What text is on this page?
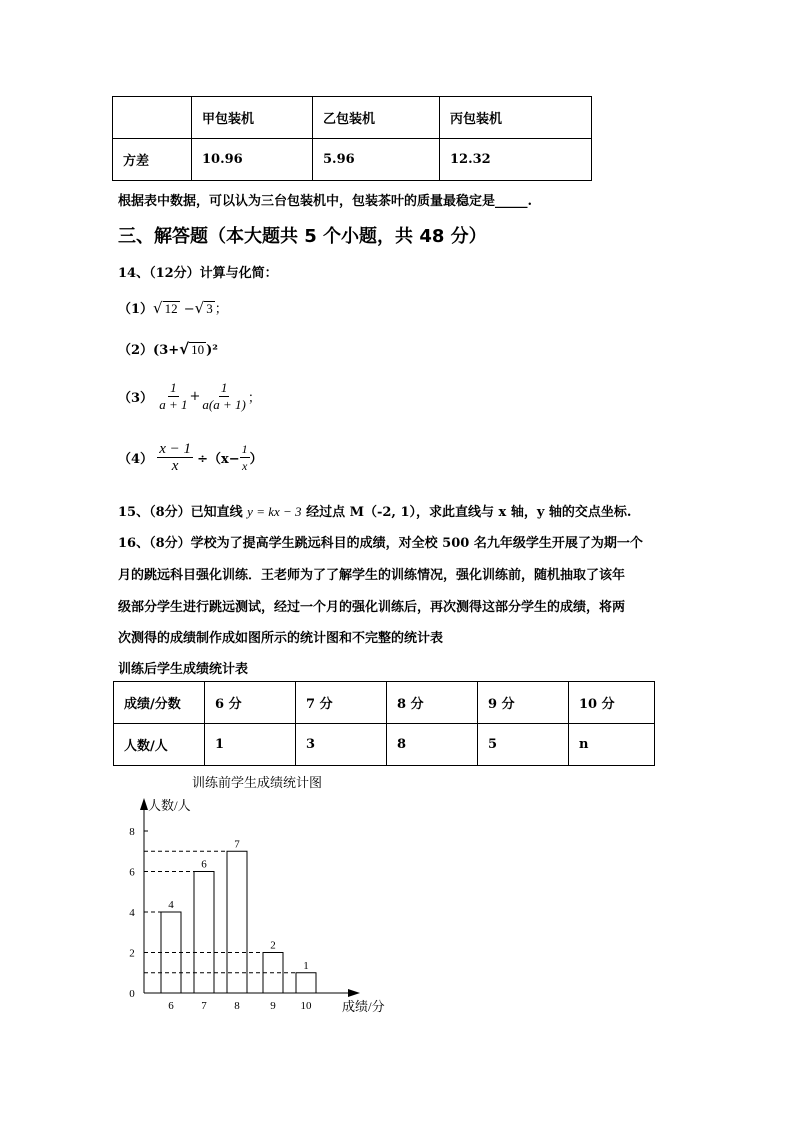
	甲包装机	乙包装机	丙包装机
方差	10.96	5.96	12.32
根据表中数据，可以认为三台包装机中，包装茶叶的质量最稳定是_____.
三、解答题（本大题共 5 个小题，共 48 分）
14、（12分）计算与化简：
（1）√ 12 −√ 3 ；
（2）(3+√ 10 )²
$(3) \frac{1}{a + 1} + \frac{1}{a(a + 1)}$ ；
$(4) \frac{x - 1}{x} \div(x- \frac{1}{x}$ ）
15、（8分）已知直线 y = kx − 3 经过点 M（-2, 1），求此直线与 x 轴，y 轴的交点坐标.
16、（8分）学校为了提高学生跳远科目的成绩，对全校 500 名九年级学生开展了为期一个
月的跳远科目强化训练．王老师为了了解学生的训练情况，强化训练前，随机抽取了该年
级部分学生进行跳远测试，经过一个月的强化训练后，再次测得这部分学生的成绩，将两
次测得的成绩制作成如图所示的统计图和不完整的统计表
训练后学生成绩统计表
成绩/分数	6 分	7 分	8 分	9 分	10 分
人数/人	1	3	8	5	n
训练前学生成绩统计图
人数/人
成绩/分
0
2
4
6
8
4
6
6
7
7
8
2
9
1
10
